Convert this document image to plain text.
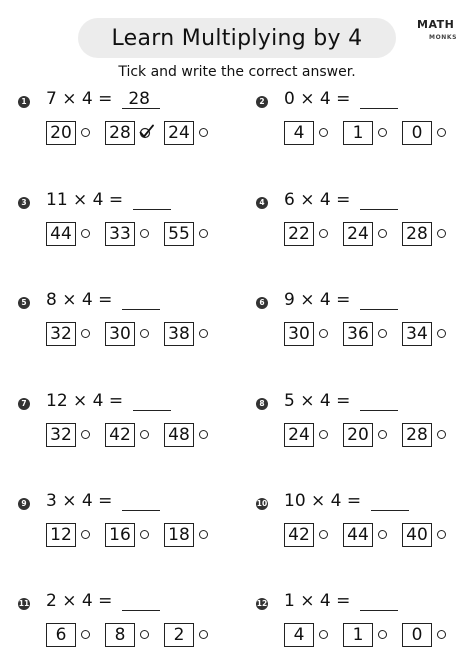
Learn Multiplying by 4
MATH
MONKS
Tick and write the correct answer.
1 7 × 4 = 28
20 28 24
2 0 × 4 =
4	1	0
3 11 × 4 =
44 33 55
4 6 × 4 =
22 24 28
5 8 × 4 =
32 30 38
6 9 × 4 =
30 36 34
7 12 × 4 =
32 42 48
8 5 × 4 =
24 20 28
9 3 × 4 =
12 16 18
10 10 × 4 =
42 44 40
11 2 × 4 =
6	8	2
12 1 × 4 =
4	1	0
